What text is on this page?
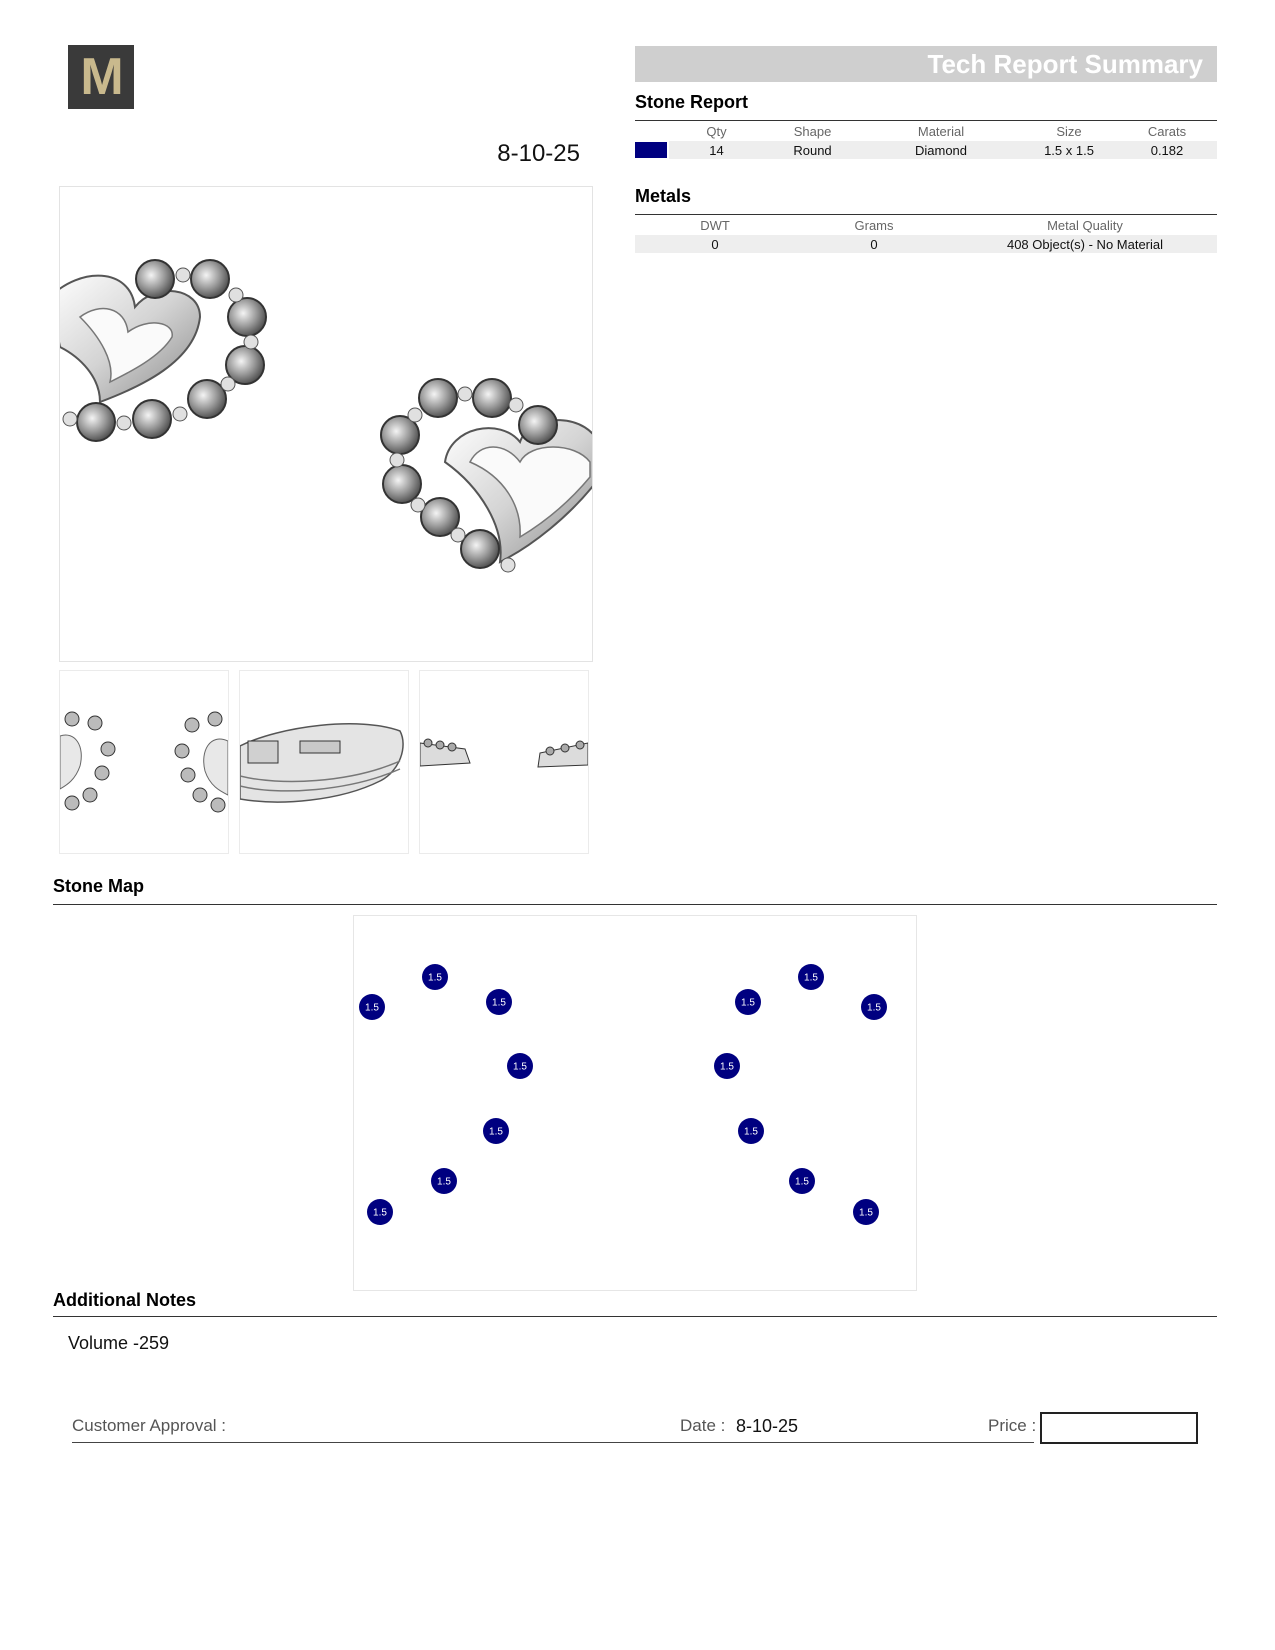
M
8-10-25
Tech Report Summary
Stone Report
	Qty	Shape	Material	Size	Carats
	14	Round	Diamond	1.5 x 1.5	0.182
Metals
DWT	Grams	Metal Quality
0	0	408 Object(s) - No Material
Stone Map
1.5
1.5
1.5
1.5
1.5
1.5
1.5
1.5
1.5
1.5
1.5
1.5
1.5
1.5
Additional Notes
Volume -259
Customer Approval :	Date : 8-10-25	Price :
